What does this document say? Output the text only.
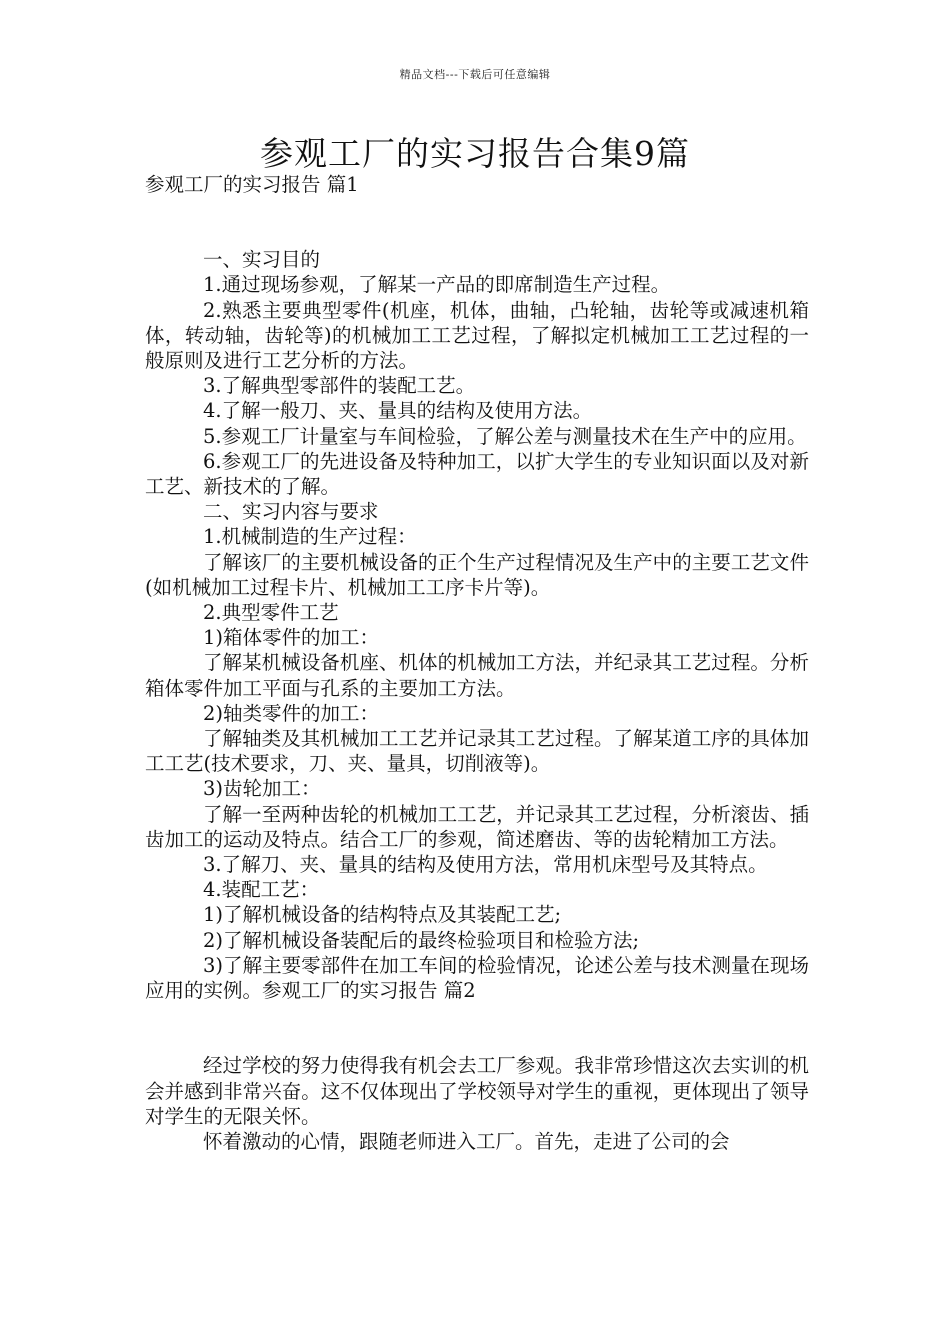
精品文档---下载后可任意编辑
参观工厂的实习报告合集9篇

参观工厂的实习报告 篇1

一、实习目的

1.通过现场参观，了解某一产品的即席制造生产过程。

2.熟悉主要典型零件(机座，机体，曲轴，凸轮轴，齿轮等或减速机箱体，转动轴，齿轮等)的机械加工工艺过程，了解拟定机械加工工艺过程的一般原则及进行工艺分析的方法。

3.了解典型零部件的装配工艺。

4.了解一般刀、夹、量具的结构及使用方法。

5.参观工厂计量室与车间检验，了解公差与测量技术在生产中的应用。

6.参观工厂的先进设备及特种加工，以扩大学生的专业知识面以及对新工艺、新技术的了解。

二、实习内容与要求

1.机械制造的生产过程：

了解该厂的主要机械设备的正个生产过程情况及生产中的主要工艺文件(如机械加工过程卡片、机械加工工序卡片等)。

2.典型零件工艺

1)箱体零件的加工：

了解某机械设备机座、机体的机械加工方法，并纪录其工艺过程。分析箱体零件加工平面与孔系的主要加工方法。

2)轴类零件的加工：

了解轴类及其机械加工工艺并记录其工艺过程。了解某道工序的具体加工工艺(技术要求，刀、夹、量具，切削液等)。

3)齿轮加工：

了解一至两种齿轮的机械加工工艺，并记录其工艺过程，分析滚齿、插齿加工的运动及特点。结合工厂的参观，简述磨齿、等的齿轮精加工方法。

3.了解刀、夹、量具的结构及使用方法，常用机床型号及其特点。

4.装配工艺：

1)了解机械设备的结构特点及其装配工艺;

2)了解机械设备装配后的最终检验项目和检验方法;

3)了解主要零部件在加工车间的检验情况，论述公差与技术测量在现场应用的实例。参观工厂的实习报告 篇2

经过学校的努力使得我有机会去工厂参观。我非常珍惜这次去实训的机会并感到非常兴奋。这不仅体现出了学校领导对学生的重视，更体现出了领导对学生的无限关怀。

怀着激动的心情，跟随老师进入工厂。首先，走进了公司的会
